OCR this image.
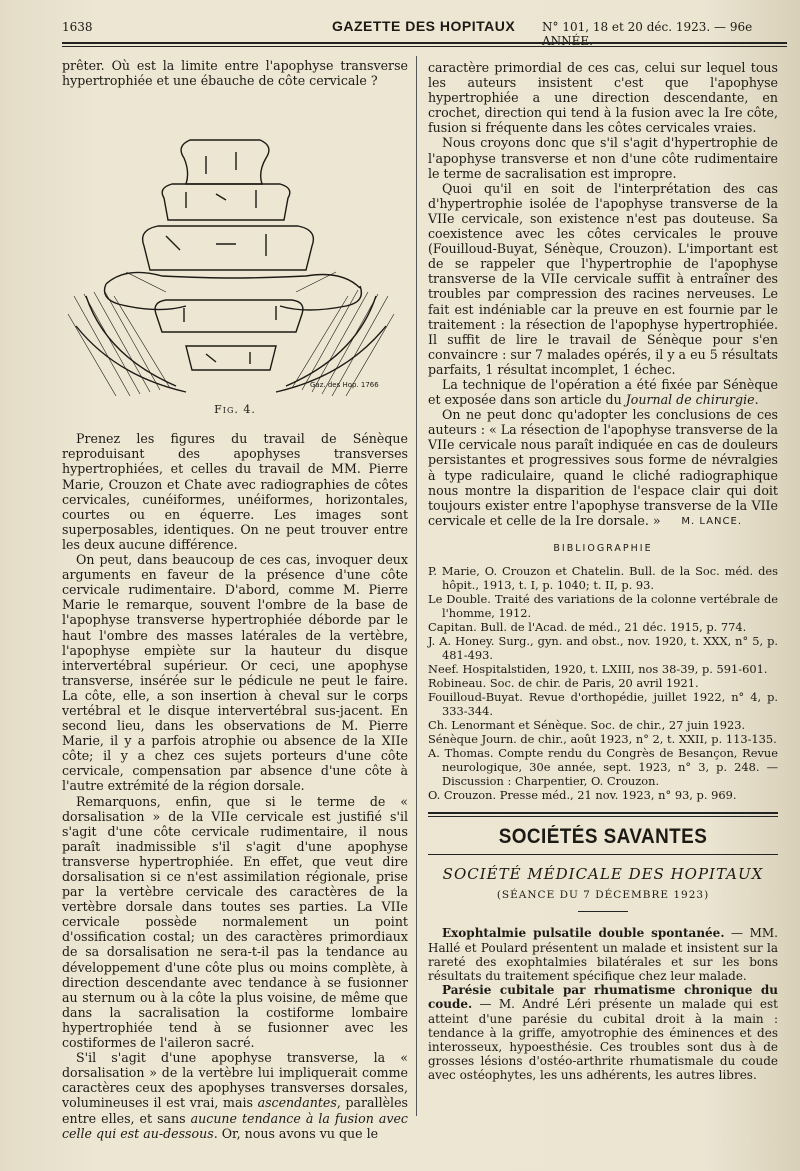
1638	GAZETTE DES HOPITAUX N° 101, 18 et 20 déc. 1923. — 96e ANNÉE.

prêter. Où est la limite entre l'apophyse transverse hypertrophiée et une ébauche de côte cervicale ?

Gaz. des Hop. 1766
Fig. 4.

Prenez les figures du travail de Sénèque reproduisant des apophyses transverses hypertrophiées, et celles du travail de MM. Pierre Marie, Crouzon et Chate avec radiographies de côtes cervicales, cunéiformes, unéiformes, horizontales, courtes ou en équerre. Les images sont superposables, identiques. On ne peut trouver entre les deux aucune différence.

On peut, dans beaucoup de ces cas, invoquer deux arguments en faveur de la présence d'une côte cervicale rudimentaire. D'abord, comme M. Pierre Marie le remarque, souvent l'ombre de la base de l'apophyse transverse hypertrophiée déborde par le haut l'ombre des masses latérales de la vertèbre, l'apophyse empiète sur la hauteur du disque intervertébral supérieur. Or ceci, une apophyse transverse, insérée sur le pédicule ne peut le faire. La côte, elle, a son insertion à cheval sur le corps vertébral et le disque intervertébral sus-jacent. En second lieu, dans les observations de M. Pierre Marie, il y a parfois atrophie ou absence de la XIIe côte; il y a chez ces sujets porteurs d'une côte cervicale, compensation par absence d'une côte à l'autre extrémité de la région dorsale.

Remarquons, enfin, que si le terme de « dorsalisation » de la VIIe cervicale est justifié s'il s'agit d'une côte cervicale rudimentaire, il nous paraît inadmissible s'il s'agit d'une apophyse transverse hypertrophiée. En effet, que veut dire dorsalisation si ce n'est assimilation régionale, prise par la vertèbre cervicale des caractères de la vertèbre dorsale dans toutes ses parties. La VIIe cervicale possède normalement un point d'ossification costal; un des caractères primordiaux de sa dorsalisation ne sera-t-il pas la tendance au développement d'une côte plus ou moins complète, à direction descendante avec tendance à se fusionner au sternum ou à la côte la plus voisine, de même que dans la sacralisation la costiforme lombaire hypertrophiée tend à se fusionner avec les costiformes de l'aileron sacré.

S'il s'agit d'une apophyse transverse, la « dorsalisation » de la vertèbre lui impliquerait comme caractères ceux des apophyses transverses dorsales, volumineuses il est vrai, mais ascendantes, parallèles entre elles, et sans aucune tendance à la fusion avec celle qui est au-dessous. Or, nous avons vu que le

caractère primordial de ces cas, celui sur lequel tous les auteurs insistent c'est que l'apophyse hypertrophiée a une direction descendante, en crochet, direction qui tend à la fusion avec la Ire côte, fusion si fréquente dans les côtes cervicales vraies.

Nous croyons donc que s'il s'agit d'hypertrophie de l'apophyse transverse et non d'une côte rudimentaire le terme de sacralisation est impropre.

Quoi qu'il en soit de l'interprétation des cas d'hypertrophie isolée de l'apophyse transverse de la VIIe cervicale, son existence n'est pas douteuse. Sa coexistence avec les côtes cervicales le prouve (Fouilloud-Buyat, Sénèque, Crouzon). L'important est de se rappeler que l'hypertrophie de l'apophyse transverse de la VIIe cervicale suffit à entraîner des troubles par compression des racines nerveuses. Le fait est indéniable car la preuve en est fournie par le traitement : la résection de l'apophyse hypertrophiée. Il suffit de lire le travail de Sénèque pour s'en convaincre : sur 7 malades opérés, il y a eu 5 résultats parfaits, 1 résultat incomplet, 1 échec.

La technique de l'opération a été fixée par Sénèque et exposée dans son article du Journal de chirurgie.

On ne peut donc qu'adopter les conclusions de ces auteurs : « La résection de l'apophyse transverse de la VIIe cervicale nous paraît indiquée en cas de douleurs persistantes et progressives sous forme de névralgies à type radiculaire, quand le cliché radiographique nous montre la disparition de l'espace clair qui doit toujours exister entre l'apophyse transverse de la VIIe cervicale et celle de la Ire dorsale. »	M. LANCE.
BIBLIOGRAPHIE

P. Marie, O. Crouzon et Chatelin. Bull. de la Soc. méd. des hôpit., 1913, t. I, p. 1040; t. II, p. 93.

Le Double. Traité des variations de la colonne vertébrale de l'homme, 1912.

Capitan. Bull. de l'Acad. de méd., 21 déc. 1915, p. 774.

J. A. Honey. Surg., gyn. and obst., nov. 1920, t. XXX, n° 5, p. 481-493.

Neef. Hospitalstiden, 1920, t. LXIII, nos 38-39, p. 591-601.

Robineau. Soc. de chir. de Paris, 20 avril 1921.

Fouilloud-Buyat. Revue d'orthopédie, juillet 1922, n° 4, p. 333-344.

Ch. Lenormant et Sénèque. Soc. de chir., 27 juin 1923.

Sénèque Journ. de chir., août 1923, n° 2, t. XXII, p. 113-135.

A. Thomas. Compte rendu du Congrès de Besançon, Revue neurologique, 30e année, sept. 1923, n° 3, p. 248. — Discussion : Charpentier, O. Crouzon.

O. Crouzon. Presse méd., 21 nov. 1923, n° 93, p. 969.

SOCIÉTÉS SAVANTES
SOCIÉTÉ MÉDICALE DES HOPITAUX
(SÉANCE DU 7 DÉCEMBRE 1923)

Exophtalmie pulsatile double spontanée. — MM. Hallé et Poulard présentent un malade et insistent sur la rareté des exophtalmies bilatérales et sur les bons résultats du traitement spécifique chez leur malade.

Parésie cubitale par rhumatisme chronique du coude. — M. André Léri présente un malade qui est atteint d'une parésie du cubital droit à la main : tendance à la griffe, amyotrophie des éminences et des interosseux, hypoesthésie. Ces troubles sont dus à de grosses lésions d'ostéo-arthrite rhumatismale du coude avec ostéophytes, les uns adhérents, les autres libres.
